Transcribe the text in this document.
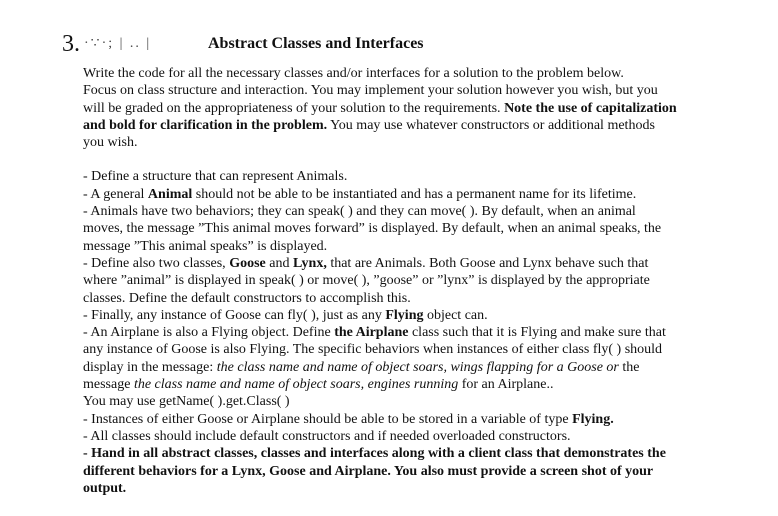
3. ·∵·; | .. |	Abstract Classes and Interfaces
Write the code for all the necessary classes and/or interfaces for a solution to the problem below.
Focus on class structure and interaction. You may implement your solution however you wish, but you
will be graded on the appropriateness of your solution to the requirements. Note the use of capitalization
and bold for clarification in the problem. You may use whatever constructors or additional methods
you wish.
- Define a structure that can represent Animals.
- A general Animal should not be able to be instantiated and has a permanent name for its lifetime.
- Animals have two behaviors; they can speak( ) and they can move( ). By default, when an animal
moves, the message ”This animal moves forward” is displayed. By default, when an animal speaks, the
message ”This animal speaks” is displayed.
- Define also two classes, Goose and Lynx, that are Animals. Both Goose and Lynx behave such that
where ”animal” is displayed in speak( ) or move( ), ”goose” or ”lynx” is displayed by the appropriate
classes. Define the default constructors to accomplish this.
- Finally, any instance of Goose can fly( ), just as any Flying object can.
- An Airplane is also a Flying object. Define the Airplane class such that it is Flying and make sure that
any instance of Goose is also Flying. The specific behaviors when instances of either class fly( ) should
display in the message: the class name and name of object soars, wings flapping for a Goose or the
message the class name and name of object soars, engines running for an Airplane..
You may use getName( ).get.Class( )
- Instances of either Goose or Airplane should be able to be stored in a variable of type Flying.
- All classes should include default constructors and if needed overloaded constructors.
- Hand in all abstract classes, classes and interfaces along with a client class that demonstrates the
different behaviors for a Lynx, Goose and Airplane. You also must provide a screen shot of your
output.
